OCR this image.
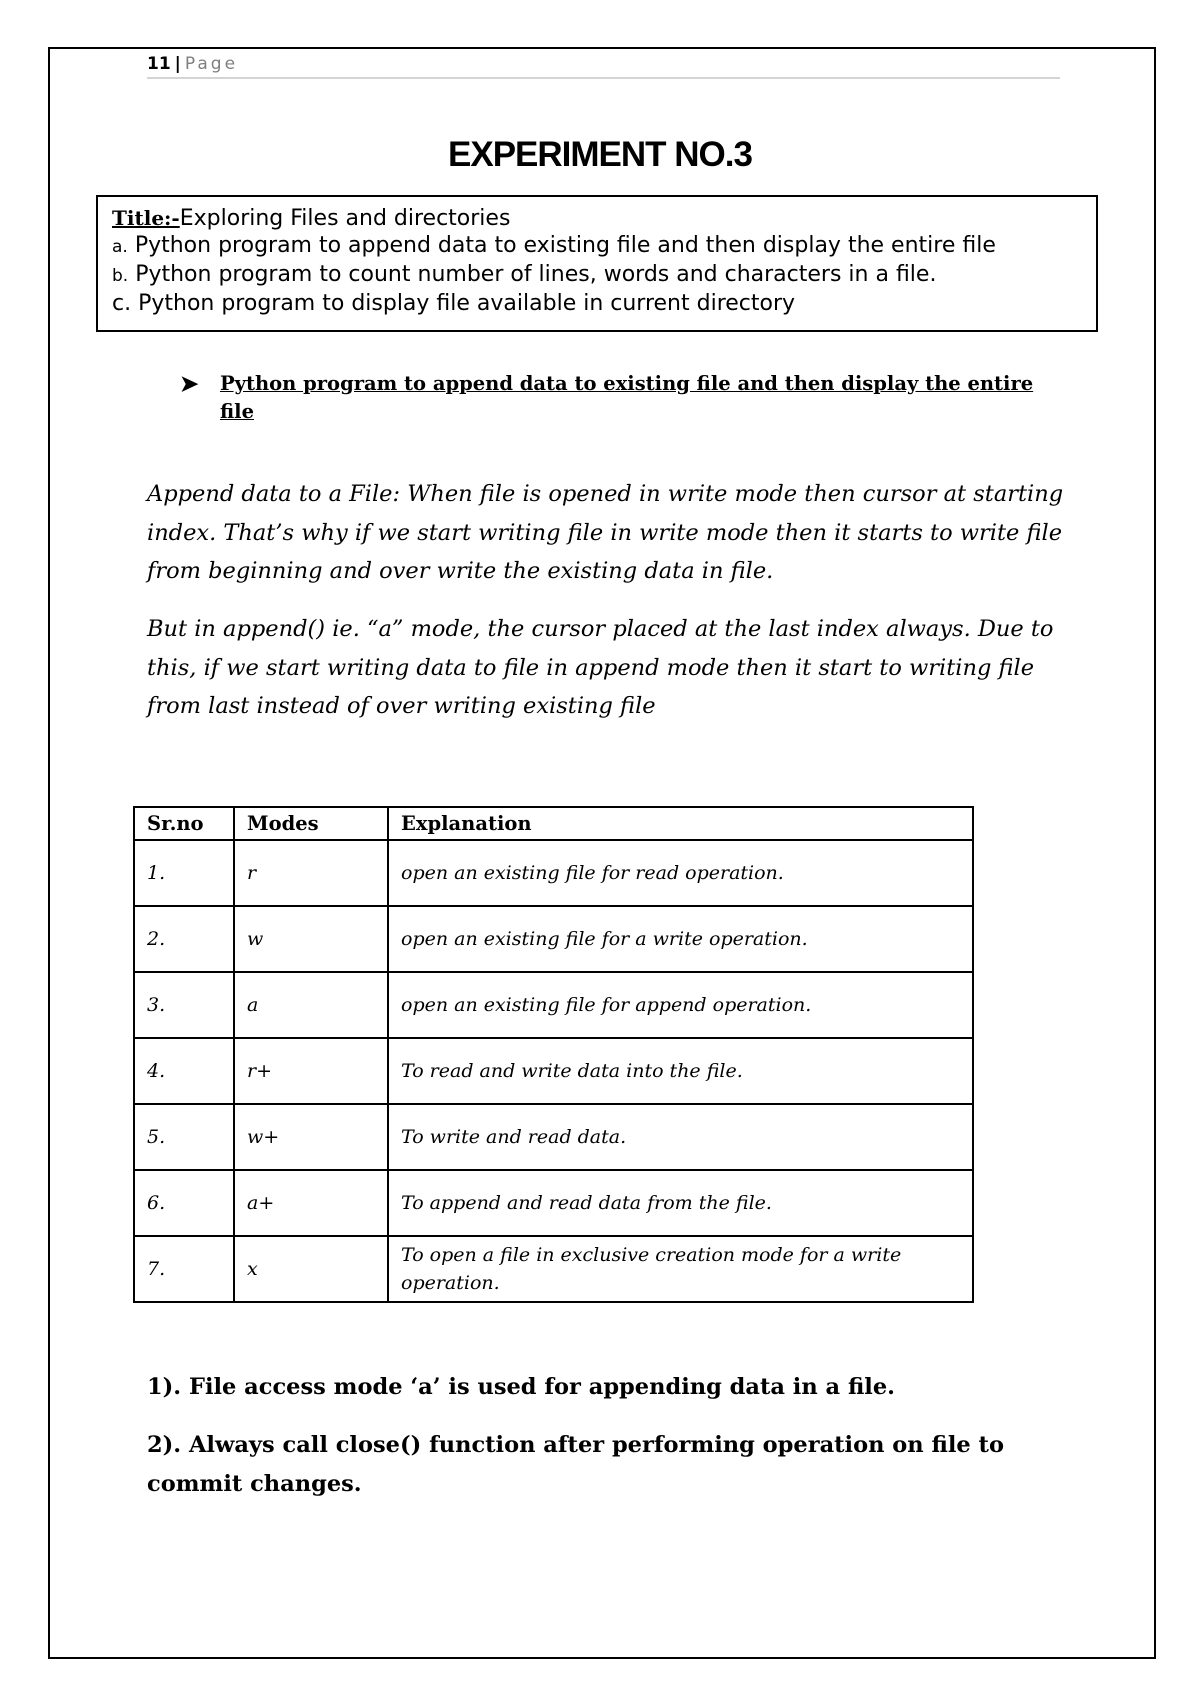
11 | Page
EXPERIMENT NO.3
Title:-Exploring Files and directories
a. Python program to append data to existing file and then display the entire file
b. Python program to count number of lines, words and characters in a file.
c. Python program to display file available in current directory
➤ Python program to append data to existing file and then display the entire file
Append data to a File: When file is opened in write mode then cursor at starting index. That’s why if we start writing file in write mode then it starts to write file from beginning and over write the existing data in file.
But in append() ie. “a” mode, the cursor placed at the last index always. Due to this, if we start writing data to file in append mode then it start to writing file from last instead of over writing existing file
Sr.no	Modes	Explanation
1.	r	open an existing file for read operation.
2.	w	open an existing file for a write operation.
3.	a	open an existing file for append operation.
4.	r+	To read and write data into the file.
5.	w+	To write and read data.
6.	a+	To append and read data from the file.
7.	x	To open a file in exclusive creation mode for a write operation.
1). File access mode ‘a’ is used for appending data in a file.
2). Always call close() function after performing operation on file to commit changes.
